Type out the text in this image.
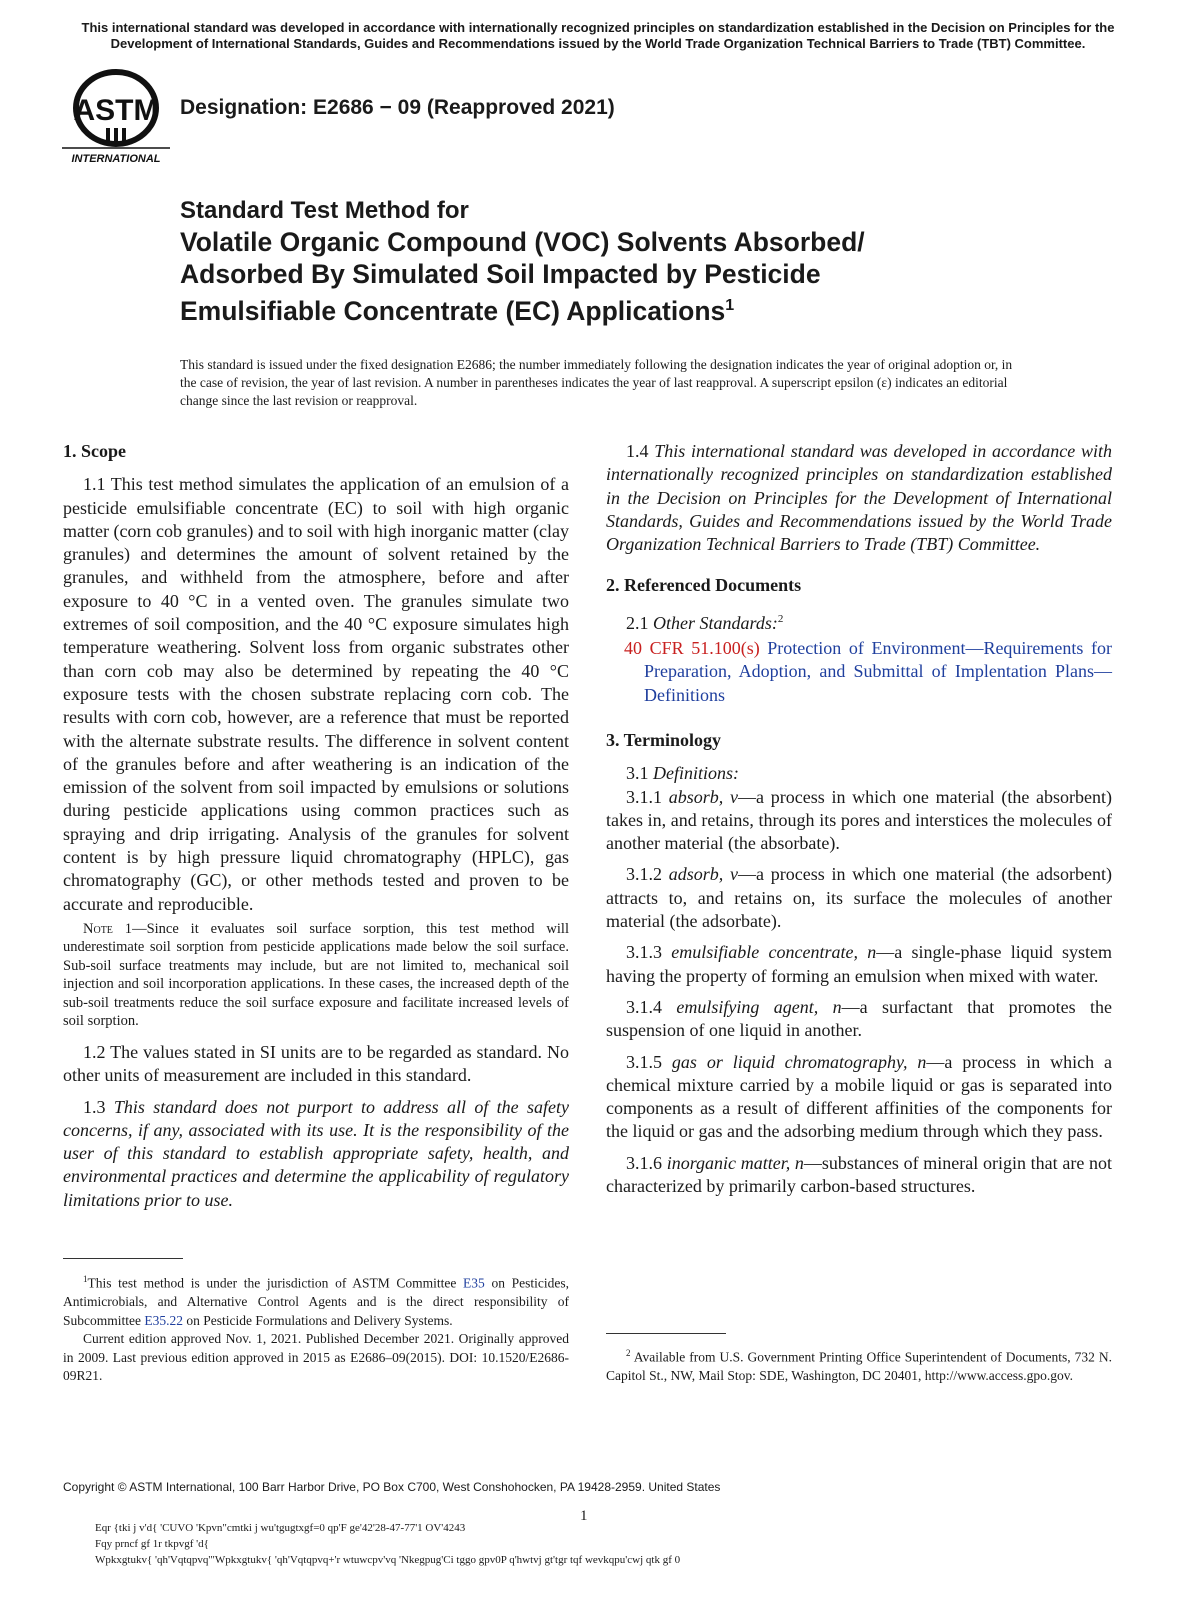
This international standard was developed in accordance with internationally recognized principles on standardization established in the Decision on Principles for the Development of International Standards, Guides and Recommendations issued by the World Trade Organization Technical Barriers to Trade (TBT) Committee.
ASTM
INTERNATIONAL
Designation: E2686 − 09 (Reapproved 2021)
Standard Test Method for
Volatile Organic Compound (VOC) Solvents Absorbed/
Adsorbed By Simulated Soil Impacted by Pesticide
Emulsifiable Concentrate (EC) Applications$^1$
This standard is issued under the fixed designation E2686; the number immediately following the designation indicates the year of original adoption or, in the case of revision, the year of last revision. A number in parentheses indicates the year of last reapproval. A superscript epsilon (ε) indicates an editorial change since the last revision or reapproval.
1. Scope

1.1 This test method simulates the application of an emulsion of a pesticide emulsifiable concentrate (EC) to soil with high organic matter (corn cob granules) and to soil with high inorganic matter (clay granules) and determines the amount of solvent retained by the granules, and withheld from the atmosphere, before and after exposure to 40 °C in a vented oven. The granules simulate two extremes of soil composition, and the 40 °C exposure simulates high temperature weathering. Solvent loss from organic substrates other than corn cob may also be determined by repeating the 40 °C exposure tests with the chosen substrate replacing corn cob. The results with corn cob, however, are a reference that must be reported with the alternate substrate results. The difference in solvent content of the granules before and after weathering is an indication of the emission of the solvent from soil impacted by emulsions or solutions during pesticide applications using common practices such as spraying and drip irrigating. Analysis of the granules for solvent content is by high pressure liquid chromatography (HPLC), gas chromatography (GC), or other methods tested and proven to be accurate and reproducible.

Note 1—Since it evaluates soil surface sorption, this test method will underestimate soil sorption from pesticide applications made below the soil surface. Sub-soil surface treatments may include, but are not limited to, mechanical soil injection and soil incorporation applications. In these cases, the increased depth of the sub-soil treatments reduce the soil surface exposure and facilitate increased levels of soil sorption.

1.2 The values stated in SI units are to be regarded as standard. No other units of measurement are included in this standard.

1.3 This standard does not purport to address all of the safety concerns, if any, associated with its use. It is the responsibility of the user of this standard to establish appropriate safety, health, and environmental practices and determine the applicability of regulatory limitations prior to use.

$^1$This test method is under the jurisdiction of ASTM Committee E35 on Pesticides, Antimicrobials, and Alternative Control Agents and is the direct responsibility of Subcommittee E35.22 on Pesticide Formulations and Delivery Systems.

Current edition approved Nov. 1, 2021. Published December 2021. Originally approved in 2009. Last previous edition approved in 2015 as E2686–09(2015). DOI: 10.1520/E2686-09R21.

1.4 This international standard was developed in accordance with internationally recognized principles on standardization established in the Decision on Principles for the Development of International Standards, Guides and Recommendations issued by the World Trade Organization Technical Barriers to Trade (TBT) Committee.

2. Referenced Documents

2.1 Other Standards:$^2$

40 CFR 51.100(s) Protection of Environment—Requirements for Preparation, Adoption, and Submittal of Implentation Plans—Definitions

3. Terminology

3.1 Definitions:

3.1.1 absorb, v—a process in which one material (the absorbent) takes in, and retains, through its pores and interstices the molecules of another material (the absorbate).

3.1.2 adsorb, v—a process in which one material (the adsorbent) attracts to, and retains on, its surface the molecules of another material (the adsorbate).

3.1.3 emulsifiable concentrate, n—a single-phase liquid system having the property of forming an emulsion when mixed with water.

3.1.4 emulsifying agent, n—a surfactant that promotes the suspension of one liquid in another.

3.1.5 gas or liquid chromatography, n—a process in which a chemical mixture carried by a mobile liquid or gas is separated into components as a result of different affinities of the components for the liquid or gas and the adsorbing medium through which they pass.

3.1.6 inorganic matter, n—substances of mineral origin that are not characterized by primarily carbon-based structures.

$^2$ Available from U.S. Government Printing Office Superintendent of Documents, 732 N. Capitol St., NW, Mail Stop: SDE, Washington, DC 20401, http://www.access.gpo.gov.

Copyright © ASTM International, 100 Barr Harbor Drive, PO Box C700, West Conshohocken, PA 19428-2959. United States
1
Eqr {tki j v'd{ 'CUVO 'Kpvn"cmtki j wu'tgugtxgf=0 qp'F ge'42'28-47-77'1 OV'4243
Fqy prncf gf 1r tkpvgf 'd{
Wpkxgtukv{ 'qh'Vqtqpvq'"Wpkxgtukv{ 'qh'Vqtqpvq+'r wtuwcpv'vq 'Nkegpug'Ci tggo gpv0P q'hwtvj gt'tgr tqf wevkqpu'cwj qtk gf 0
